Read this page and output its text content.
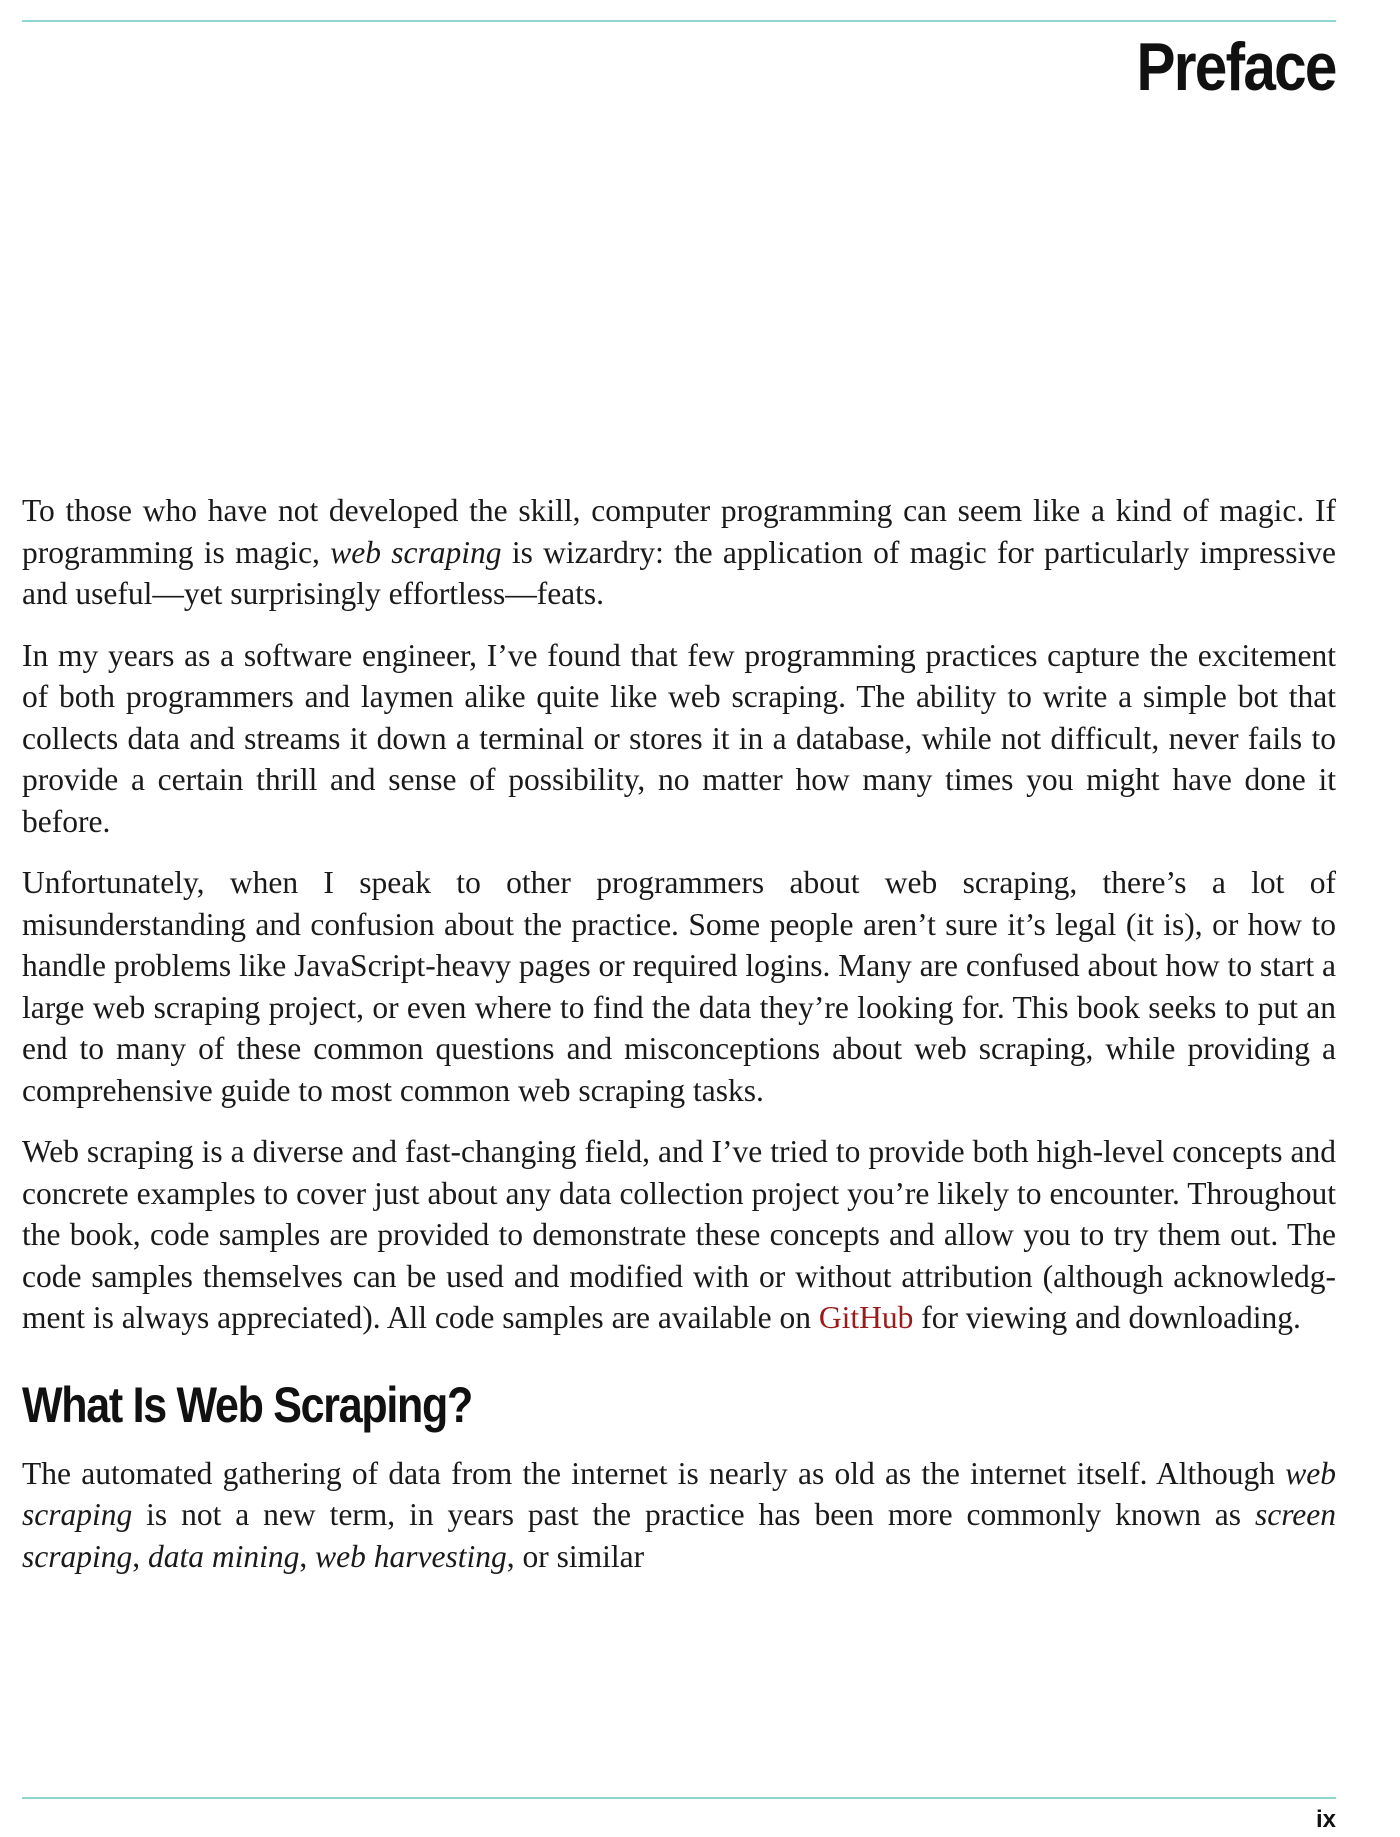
Preface

To those who have not developed the skill, computer programming can seem like a kind of magic. If programming is magic, web scraping is wizardry: the application of magic for particularly impressive and useful—yet surprisingly effortless—feats.

In my years as a software engineer, I’ve found that few programming practices capture the excitement of both programmers and laymen alike quite like web scraping. The ability to write a simple bot that collects data and streams it down a terminal or stores it in a database, while not difficult, never fails to provide a certain thrill and sense of possibility, no matter how many times you might have done it before.

Unfortunately, when I speak to other programmers about web scraping, there’s a lot of misunderstanding and confusion about the practice. Some people aren’t sure it’s legal (it is), or how to handle problems like JavaScript-heavy pages or required logins. Many are confused about how to start a large web scraping project, or even where to find the data they’re looking for. This book seeks to put an end to many of these common questions and misconceptions about web scraping, while providing a comprehensive guide to most common web scraping tasks.

Web scraping is a diverse and fast-changing field, and I’ve tried to provide both high-level concepts and concrete examples to cover just about any data collection project you’re likely to encounter. Throughout the book, code samples are provided to demonstrate these concepts and allow you to try them out. The code samples themselves can be used and modified with or without attribution (although acknowledgment is always appreciated). All code samples are available on GitHub for viewing and downloading.

What Is Web Scraping?

The automated gathering of data from the internet is nearly as old as the internet itself. Although web scraping is not a new term, in years past the practice has been more commonly known as screen scraping, data mining, web harvesting, or similar

ix
